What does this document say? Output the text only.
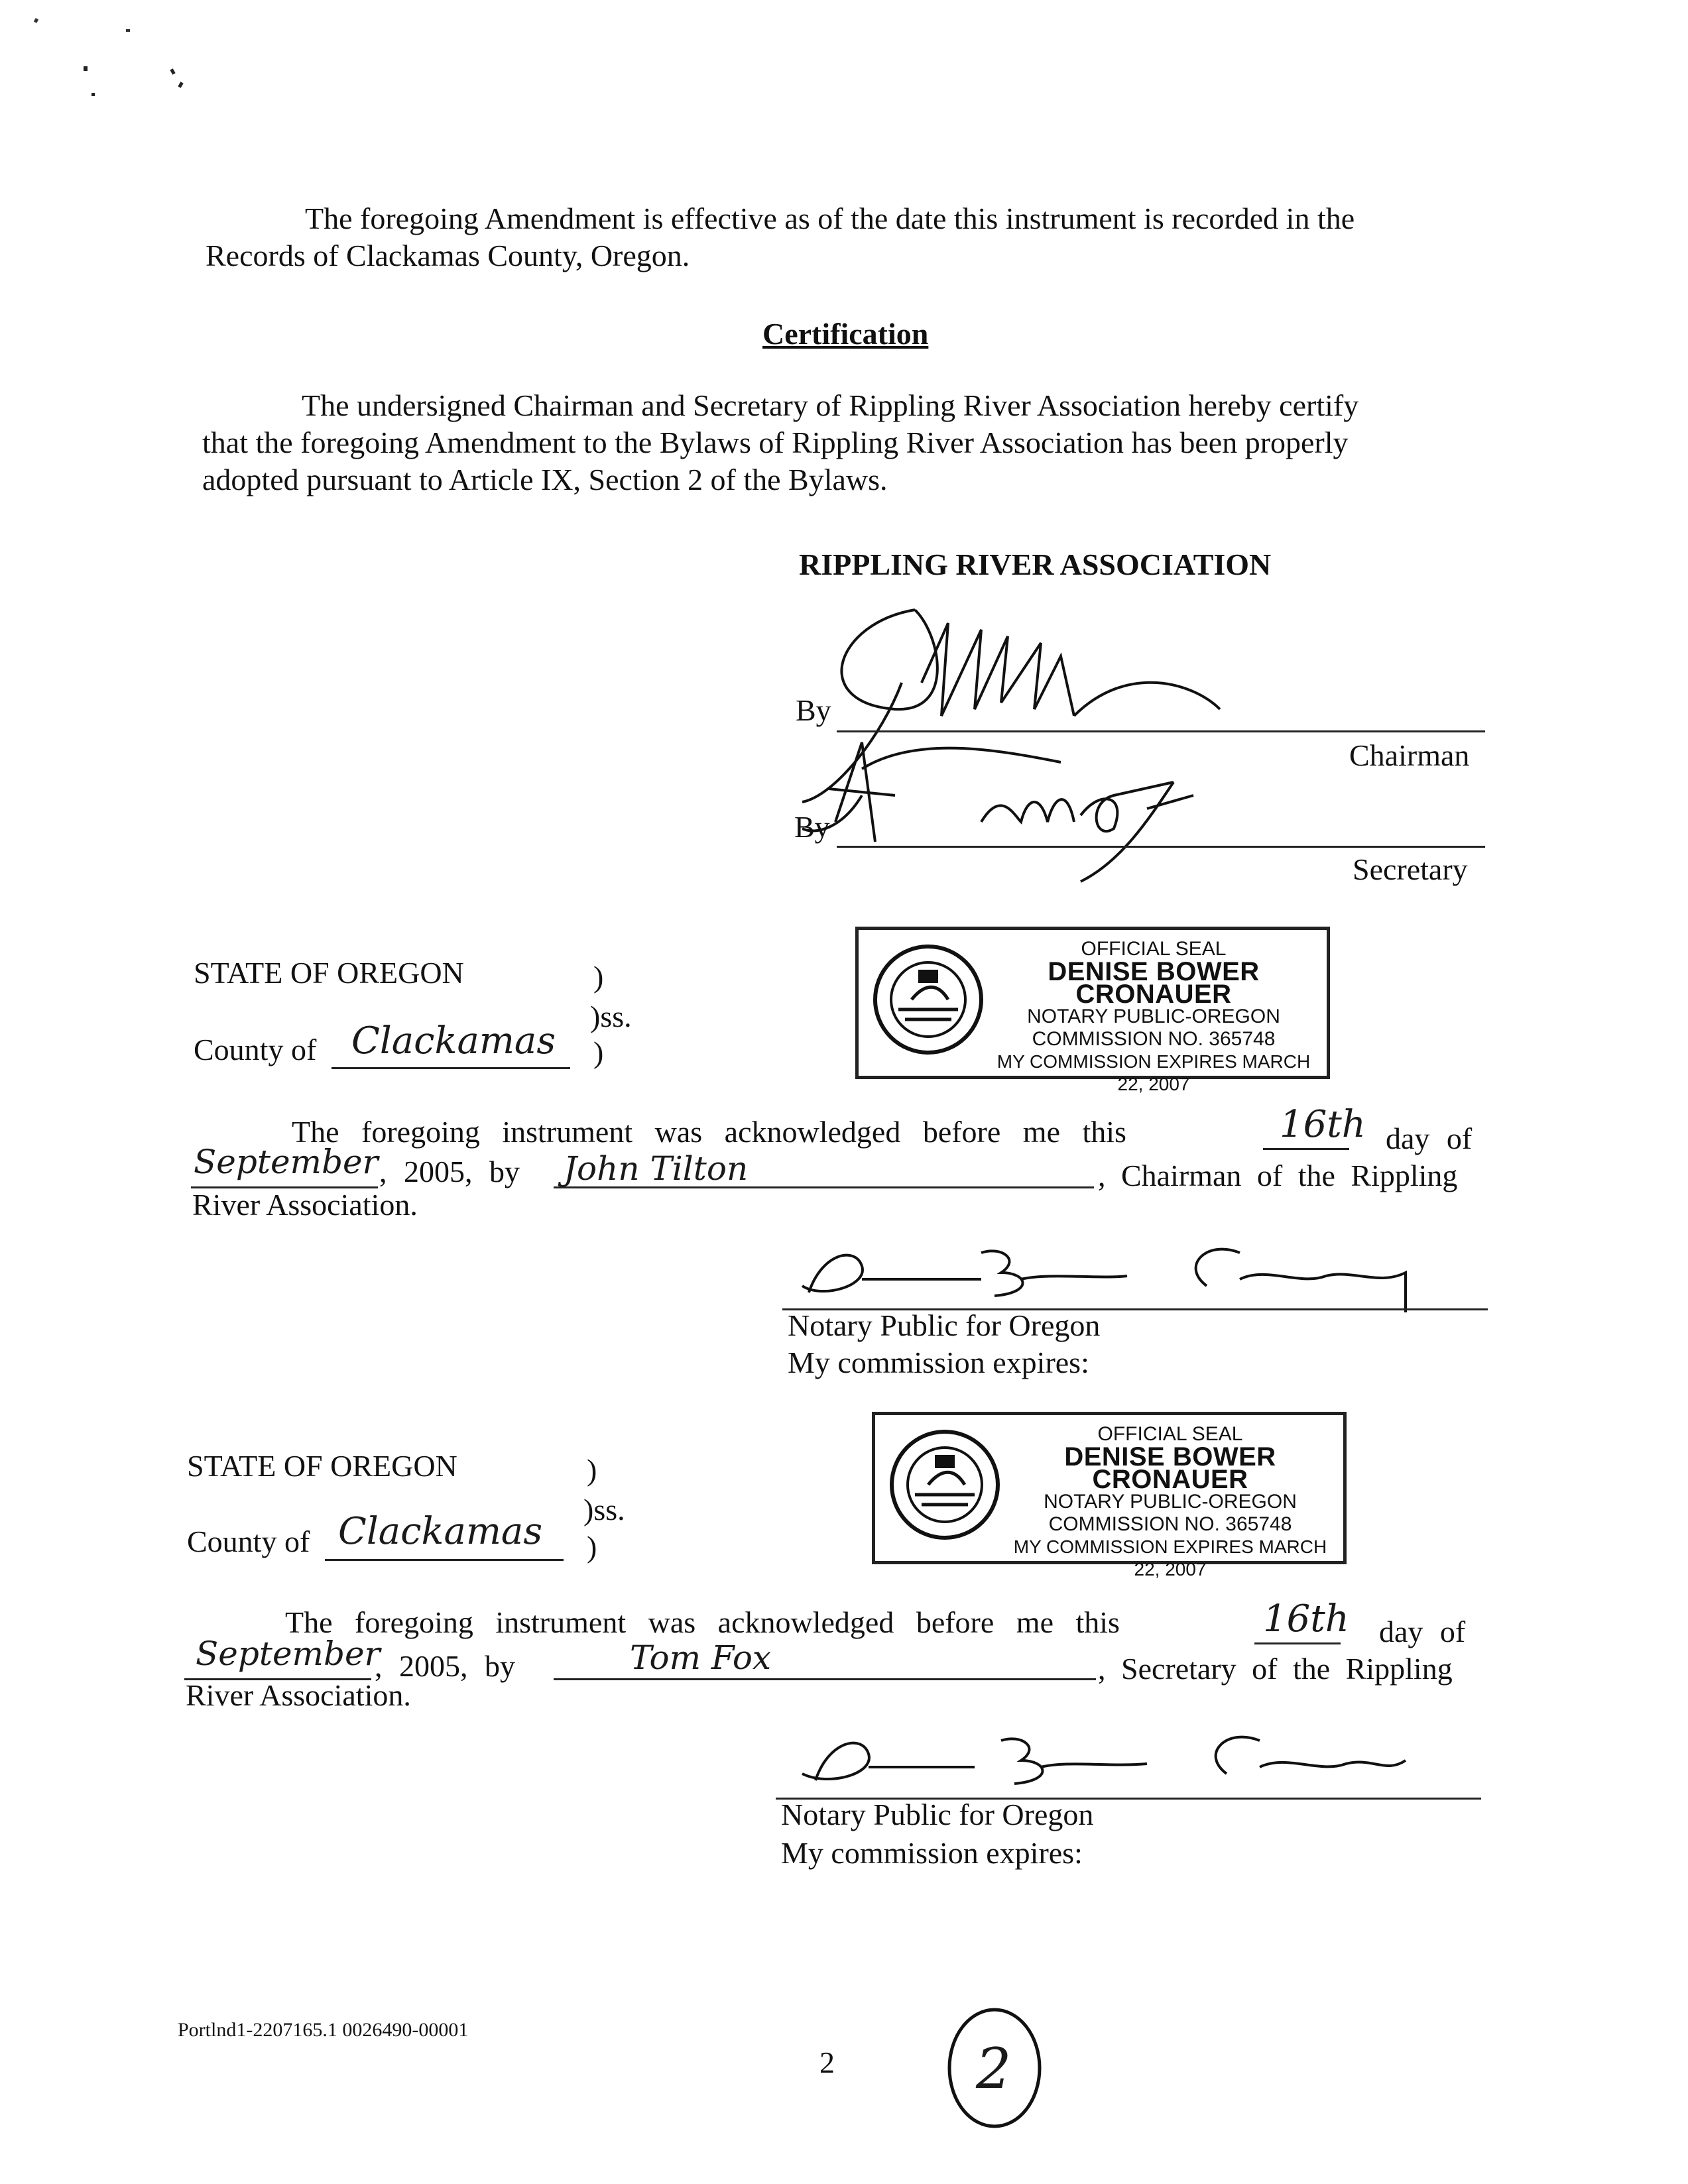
The foregoing Amendment is effective as of the date this instrument is recorded in the
Records of Clackamas County, Oregon.
Certification
The undersigned Chairman and Secretary of Rippling River Association hereby certify
that the foregoing Amendment to the Bylaws of Rippling River Association has been properly
adopted pursuant to Article IX, Section 2 of the Bylaws.
RIPPLING RIVER ASSOCIATION
By
Chairman
By
Secretary
OFFICIAL SEAL
DENISE BOWER CRONAUER
NOTARY PUBLIC-OREGON
COMMISSION NO. 365748
MY COMMISSION EXPIRES MARCH 22, 2007
STATE OF OREGON	)
)ss.
County of Clackamas )
The foregoing instrument was acknowledged before me this	16th day of
September , 2005, by John Tilton	, Chairman of the Rippling
River Association.
Notary Public for Oregon
My commission expires:
OFFICIAL SEAL
DENISE BOWER CRONAUER
NOTARY PUBLIC-OREGON
COMMISSION NO. 365748
MY COMMISSION EXPIRES MARCH 22, 2007
STATE OF OREGON	)
)ss.
County of Clackamas )
The foregoing instrument was acknowledged before me this	16th day of
September
, 2005, by	Tom Fox	, Secretary of the Rippling
River Association.
Notary Public for Oregon
My commission expires:
Portlnd1-2207165.1 0026490-00001
2	2
